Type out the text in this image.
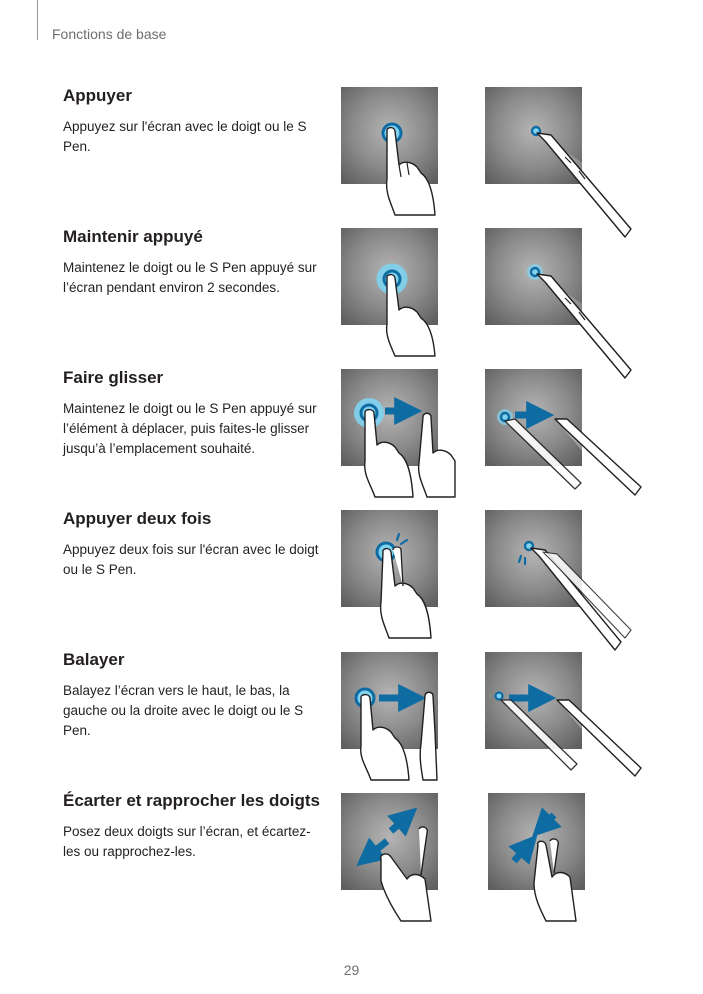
Fonctions de base
Appuyer

Appuyez sur l'écran avec le doigt ou le S Pen.

Maintenir appuyé

Maintenez le doigt ou le S Pen appuyé sur l’écran pendant environ 2 secondes.

Faire glisser

Maintenez le doigt ou le S Pen appuyé sur l’élément à déplacer, puis faites-le glisser jusqu’à l’emplacement souhaité.

Appuyer deux fois

Appuyez deux fois sur l'écran avec le doigt ou le S Pen.

Balayer

Balayez l’écran vers le haut, le bas, la gauche ou la droite avec le doigt ou le S Pen.

Écarter et rapprocher les doigts

Posez deux doigts sur l’écran, et écartez-les ou rapprochez-les.

29
